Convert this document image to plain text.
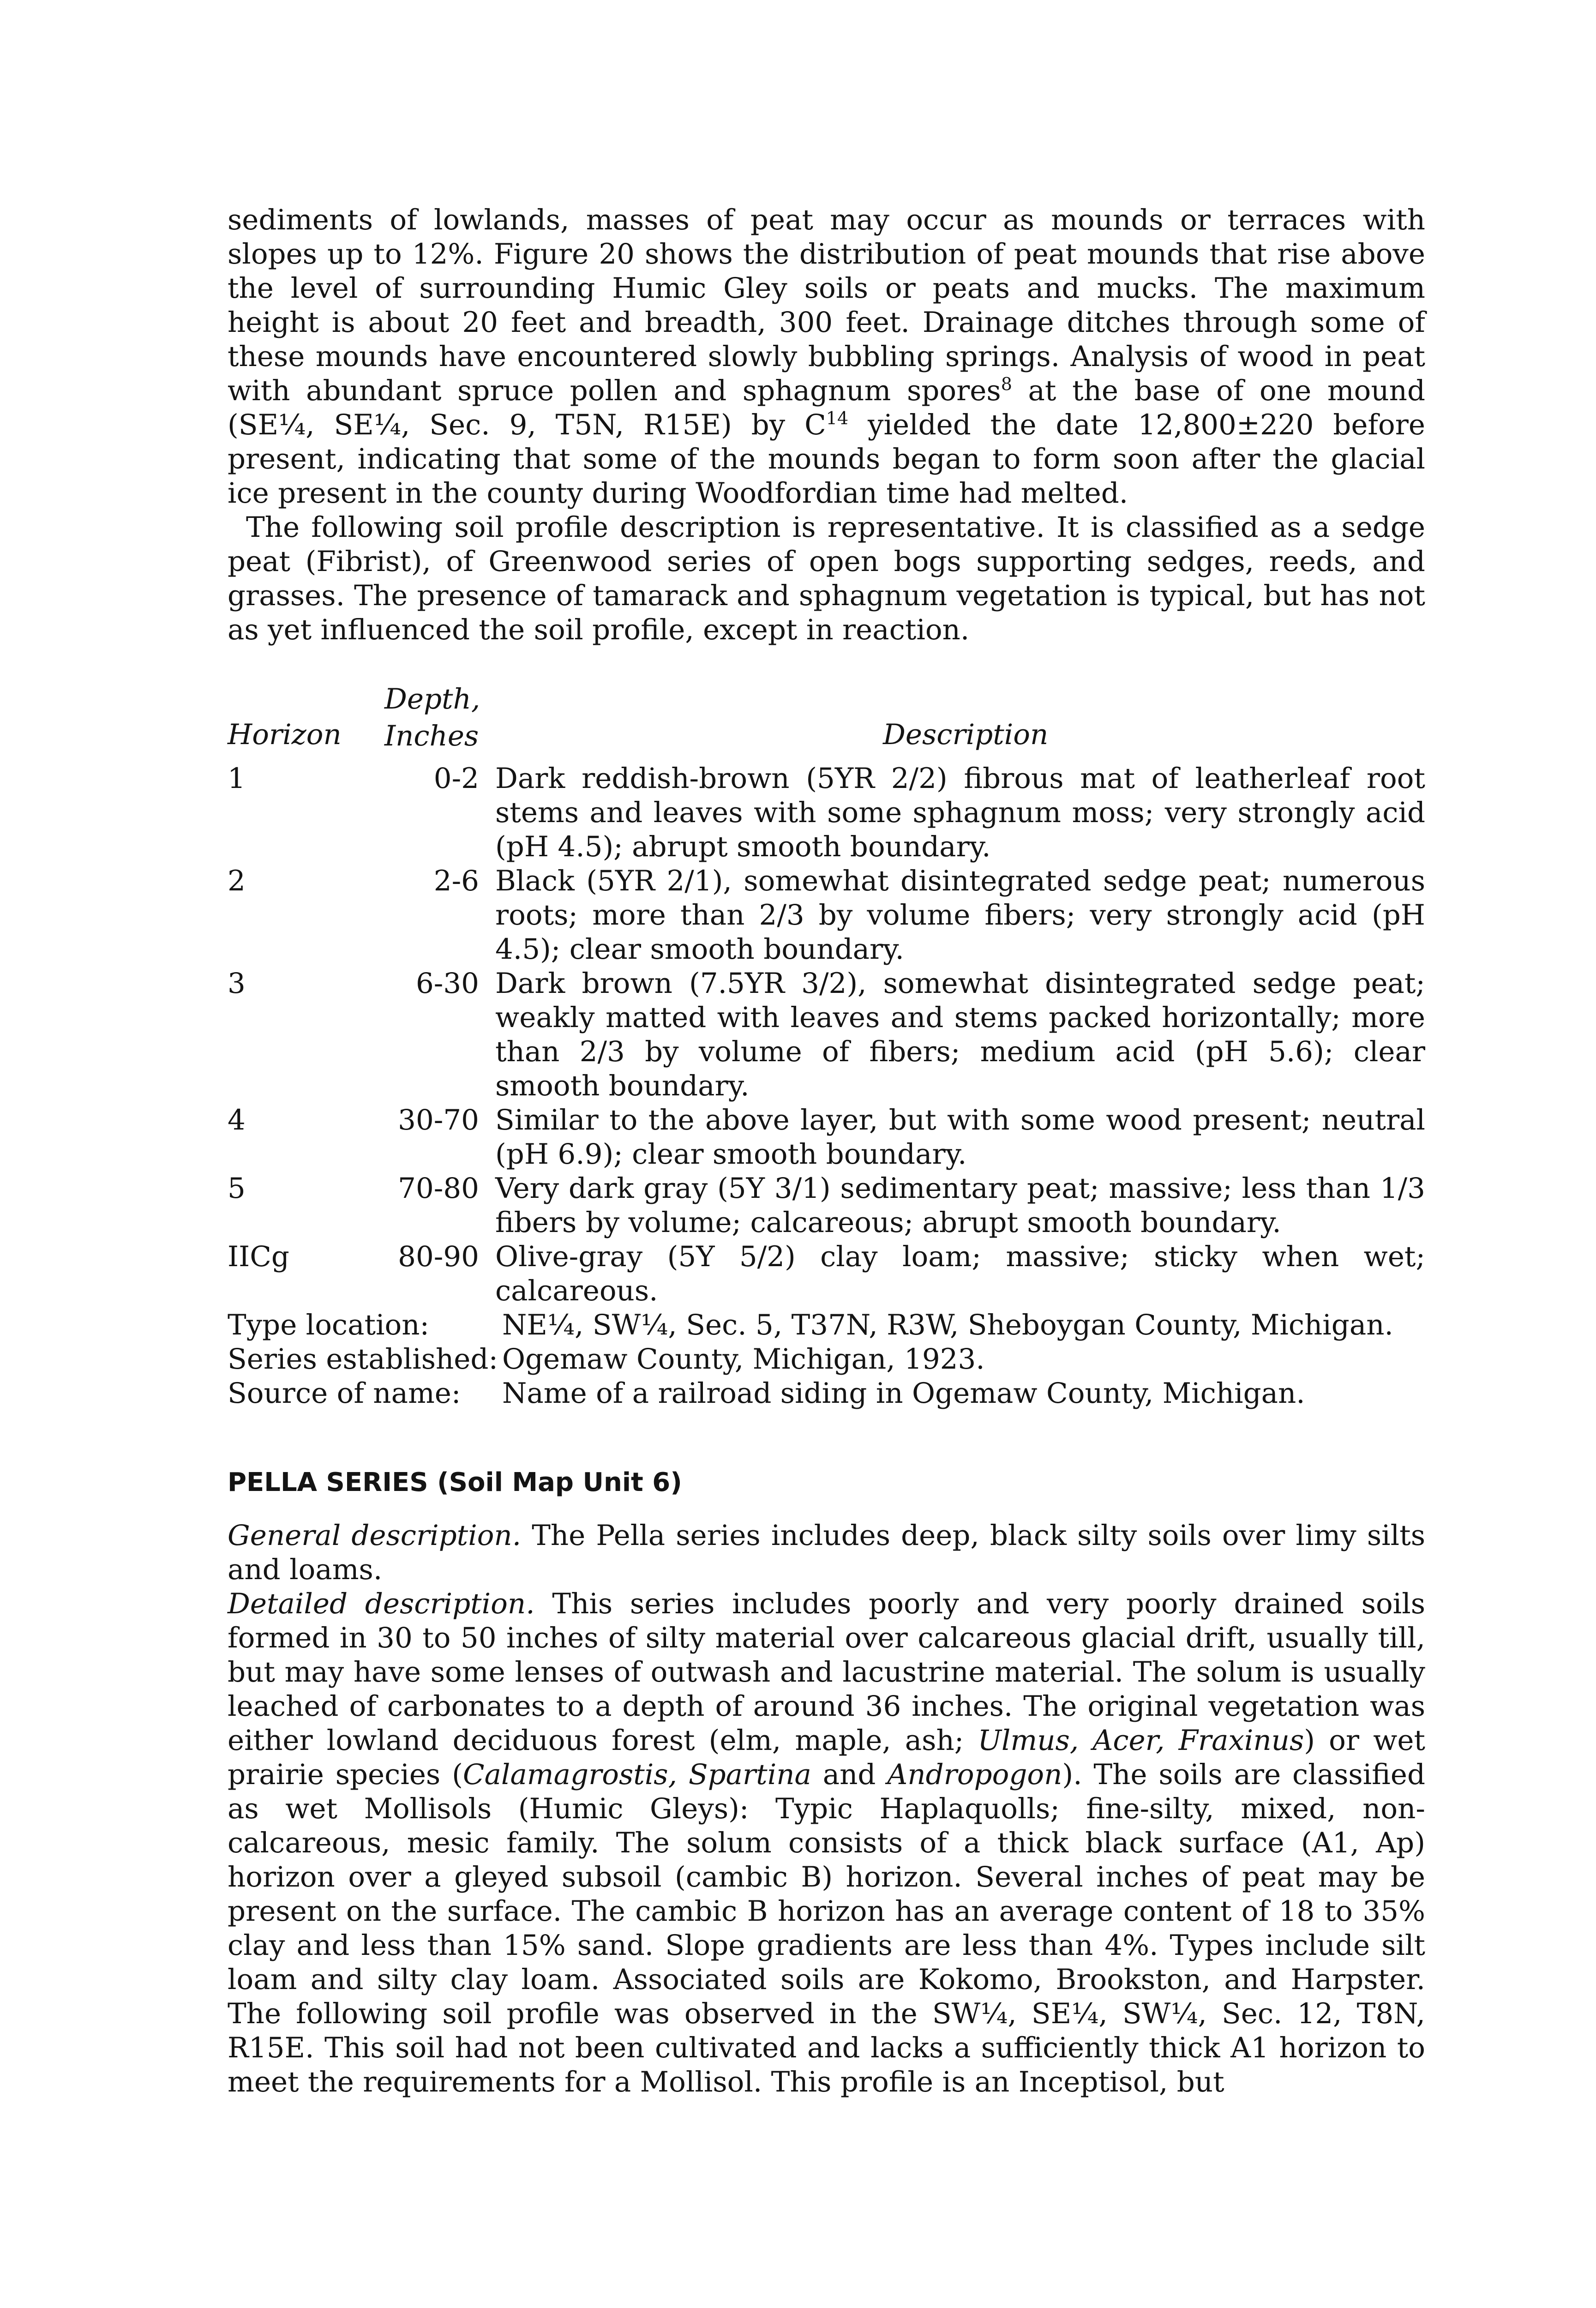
sediments of lowlands, masses of peat may occur as mounds or terraces with slopes up to 12%. Figure 20 shows the distribution of peat mounds that rise above the level of surrounding Humic Gley soils or peats and mucks. The maximum height is about 20 feet and breadth, 300 feet. Drainage ditches through some of these mounds have encountered slowly bubbling springs. Analysis of wood in peat with abundant spruce pollen and sphagnum spores$^8$ at the base of one mound (SE¼, SE¼, Sec. 9, T5N, R15E) by $C^{14}$ yielded the date 12,800±220 before present, indicating that some of the mounds began to form soon after the glacial ice present in the county during Woodfordian time had melted.

The following soil profile description is representative. It is classified as a sedge peat (Fibrist), of Greenwood series of open bogs supporting sedges, reeds, and grasses. The presence of tamarack and sphagnum vegetation is typical, but has not as yet influenced the soil profile, except in reaction.

Horizon
Depth,
Inches	Description
1	0-2 Dark reddish-brown (5YR 2/2) fibrous mat of leatherleaf root stems and leaves with some sphagnum moss; very strongly acid (pH 4.5); abrupt smooth boundary.
2	2-6 Black (5YR 2/1), somewhat disintegrated sedge peat; numerous roots; more than 2/3 by volume fibers; very strongly acid (pH 4.5); clear smooth boundary.
3	6-30 Dark brown (7.5YR 3/2), somewhat disintegrated sedge peat; weakly matted with leaves and stems packed horizontally; more than 2/3 by volume of fibers; medium acid (pH 5.6); clear smooth boundary.
4	30-70 Similar to the above layer, but with some wood present; neutral (pH 6.9); clear smooth boundary.
5	70-80 Very dark gray (5Y 3/1) sedimentary peat; massive; less than 1/3 fibers by volume; calcareous; abrupt smooth boundary.
IICg	80-90 Olive-gray (5Y 5/2) clay loam; massive; sticky when wet; calcareous.
Type location:	NE¼, SW¼, Sec. 5, T37N, R3W, Sheboygan County, Michigan.
Series established: Ogemaw County, Michigan, 1923.
Source of name:	Name of a railroad siding in Ogemaw County, Michigan.
PELLA SERIES (Soil Map Unit 6)

General description. The Pella series includes deep, black silty soils over limy silts and loams.

Detailed description. This series includes poorly and very poorly drained soils formed in 30 to 50 inches of silty material over calcareous glacial drift, usually till, but may have some lenses of outwash and lacustrine material. The solum is usually leached of carbonates to a depth of around 36 inches. The original vegetation was either lowland deciduous forest (elm, maple, ash; Ulmus, Acer, Fraxinus) or wet prairie species (Calamagrostis, Spartina and Andropogon). The soils are classified as wet Mollisols (Humic Gleys): Typic Haplaquolls; fine-silty, mixed, non-calcareous, mesic family. The solum consists of a thick black surface (A1, Ap) horizon over a gleyed subsoil (cambic B) horizon. Several inches of peat may be present on the surface. The cambic B horizon has an average content of 18 to 35% clay and less than 15% sand. Slope gradients are less than 4%. Types include silt loam and silty clay loam. Associated soils are Kokomo, Brookston, and Harpster. The following soil profile was observed in the SW¼, SE¼, SW¼, Sec. 12, T8N, R15E. This soil had not been cultivated and lacks a sufficiently thick A1 horizon to meet the requirements for a Mollisol. This profile is an Inceptisol, but
